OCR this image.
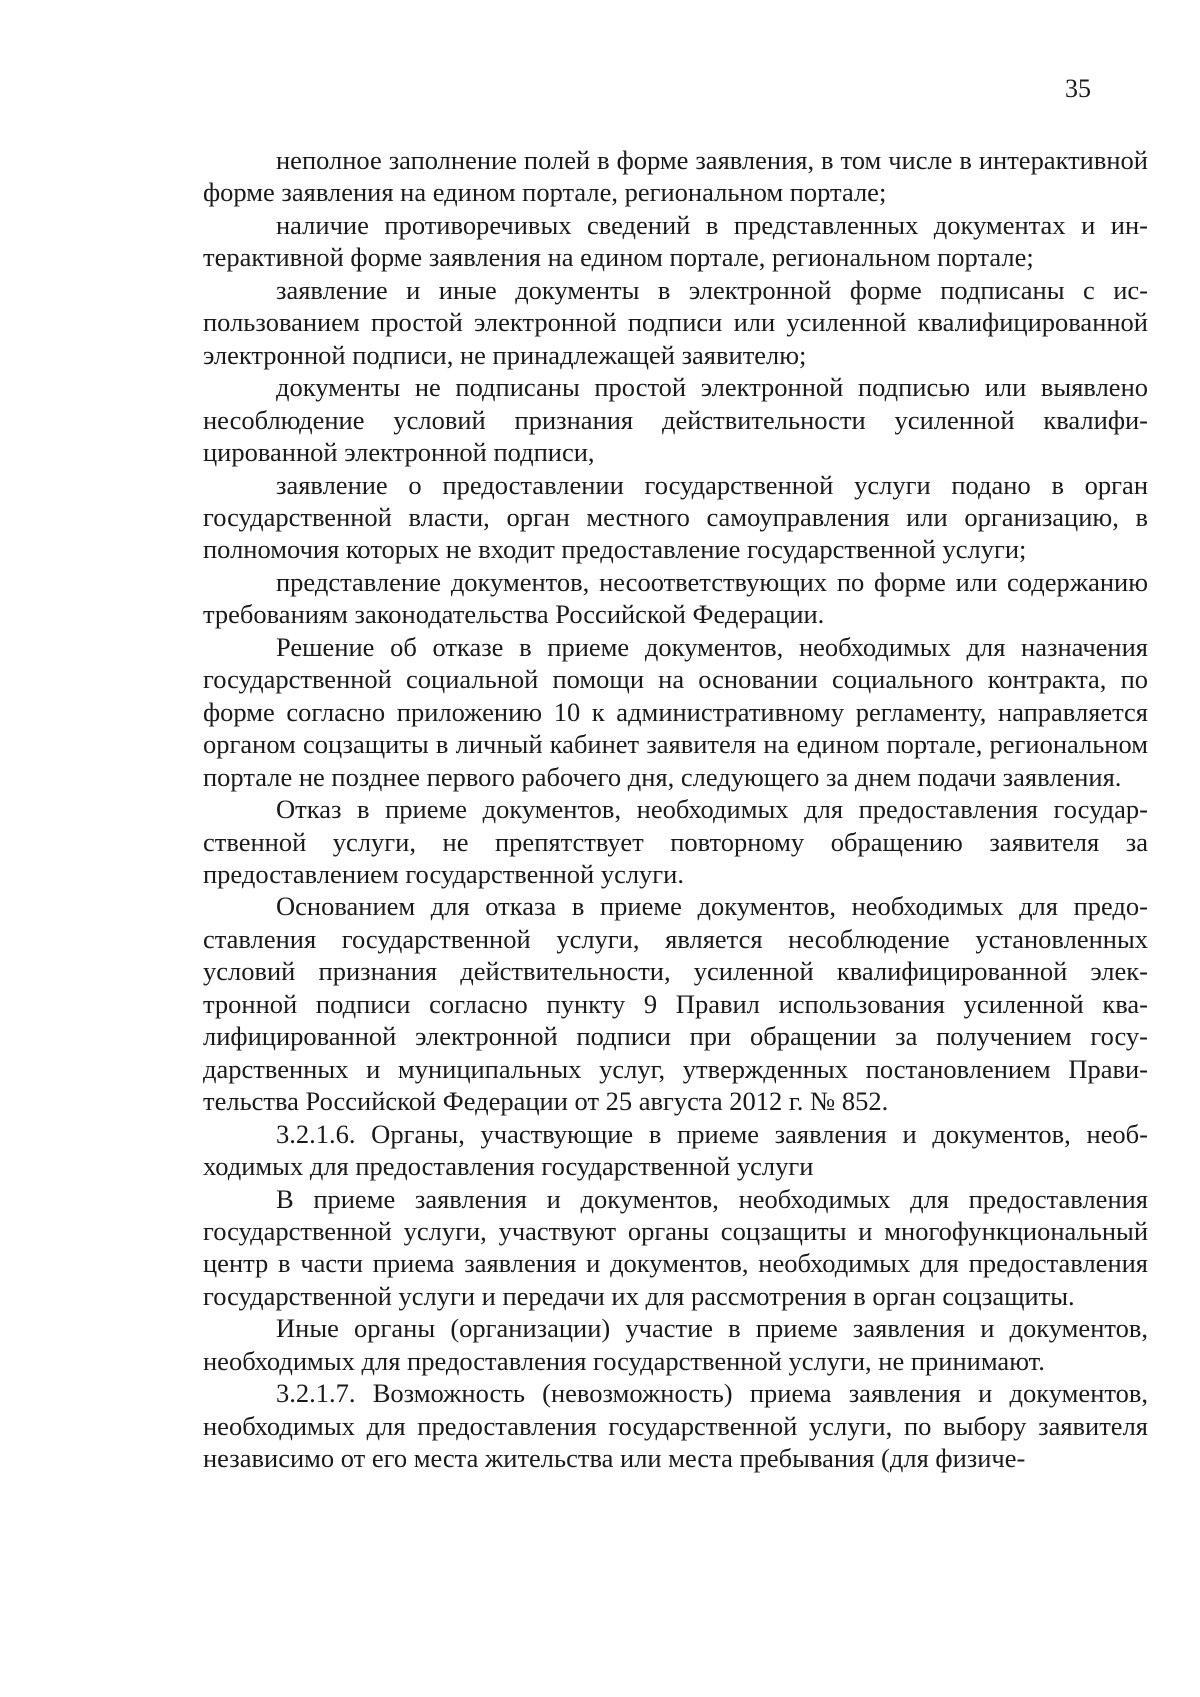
35

неполное заполнение полей в форме заявления, в том числе в интерактивной форме заявления на едином портале, региональном портале;

наличие противоречивых сведений в представленных документах и интерактивной форме заявления на едином портале, региональном портале;

заявление и иные документы в электронной форме подписаны с использованием простой электронной подписи или усиленной квалифицированной электронной подписи, не принадлежащей заявителю;

документы не подписаны простой электронной подписью или выявлено несоблюдение условий признания действительности усиленной квалифицированной электронной подписи,

заявление о предоставлении государственной услуги подано в орган государственной власти, орган местного самоуправления или организацию, в полномочия которых не входит предоставление государственной услуги;

представление документов, несоответствующих по форме или содержанию требованиям законодательства Российской Федерации.

Решение об отказе в приеме документов, необходимых для назначения государственной социальной помощи на основании социального контракта, по форме согласно приложению 10 к административному регламенту, направляется органом соцзащиты в личный кабинет заявителя на едином портале, региональном портале не позднее первого рабочего дня, следующего за днем подачи заявления.

Отказ в приеме документов, необходимых для предоставления государственной услуги, не препятствует повторному обращению заявителя за предоставлением государственной услуги.

Основанием для отказа в приеме документов, необходимых для предоставления государственной услуги, является несоблюдение установленных условий признания действительности, усиленной квалифицированной электронной подписи согласно пункту 9 Правил использования усиленной квалифицированной электронной подписи при обращении за получением государственных и муниципальных услуг, утвержденных постановлением Правительства Российской Федерации от 25 августа 2012 г. № 852.

3.2.1.6. Органы, участвующие в приеме заявления и документов, необходимых для предоставления государственной услуги

В приеме заявления и документов, необходимых для предоставления государственной услуги, участвуют органы соцзащиты и многофункциональный центр в части приема заявления и документов, необходимых для предоставления государственной услуги и передачи их для рассмотрения в орган соцзащиты.

Иные органы (организации) участие в приеме заявления и документов, необходимых для предоставления государственной услуги, не принимают.

3.2.1.7. Возможность (невозможность) приема заявления и документов, необходимых для предоставления государственной услуги, по выбору заявителя независимо от его места жительства или места пребывания (для физиче-
